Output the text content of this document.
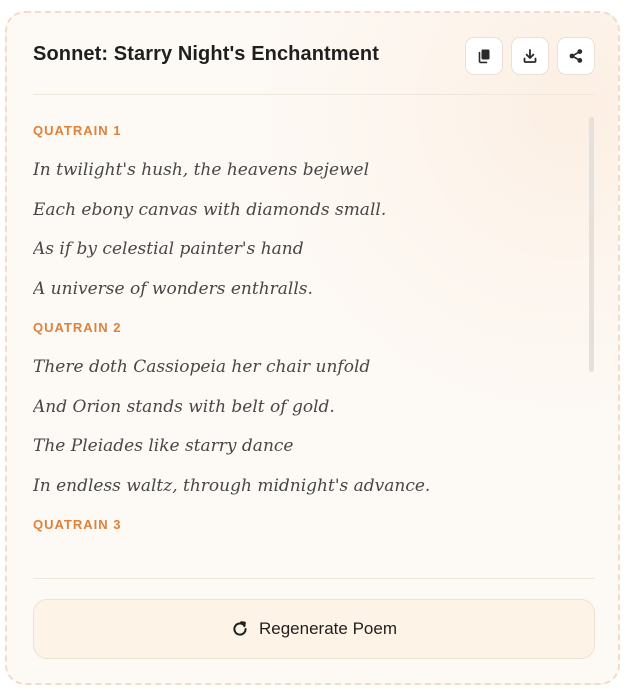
Sonnet: Starry Night's Enchantment
QUATRAIN 1
In twilight's hush, the heavens bejewel
Each ebony canvas with diamonds small.
As if by celestial painter's hand
A universe of wonders enthralls.
QUATRAIN 2
There doth Cassiopeia her chair unfold
And Orion stands with belt of gold.
The Pleiades like starry dance
In endless waltz, through midnight's advance.
QUATRAIN 3
Regenerate Poem
